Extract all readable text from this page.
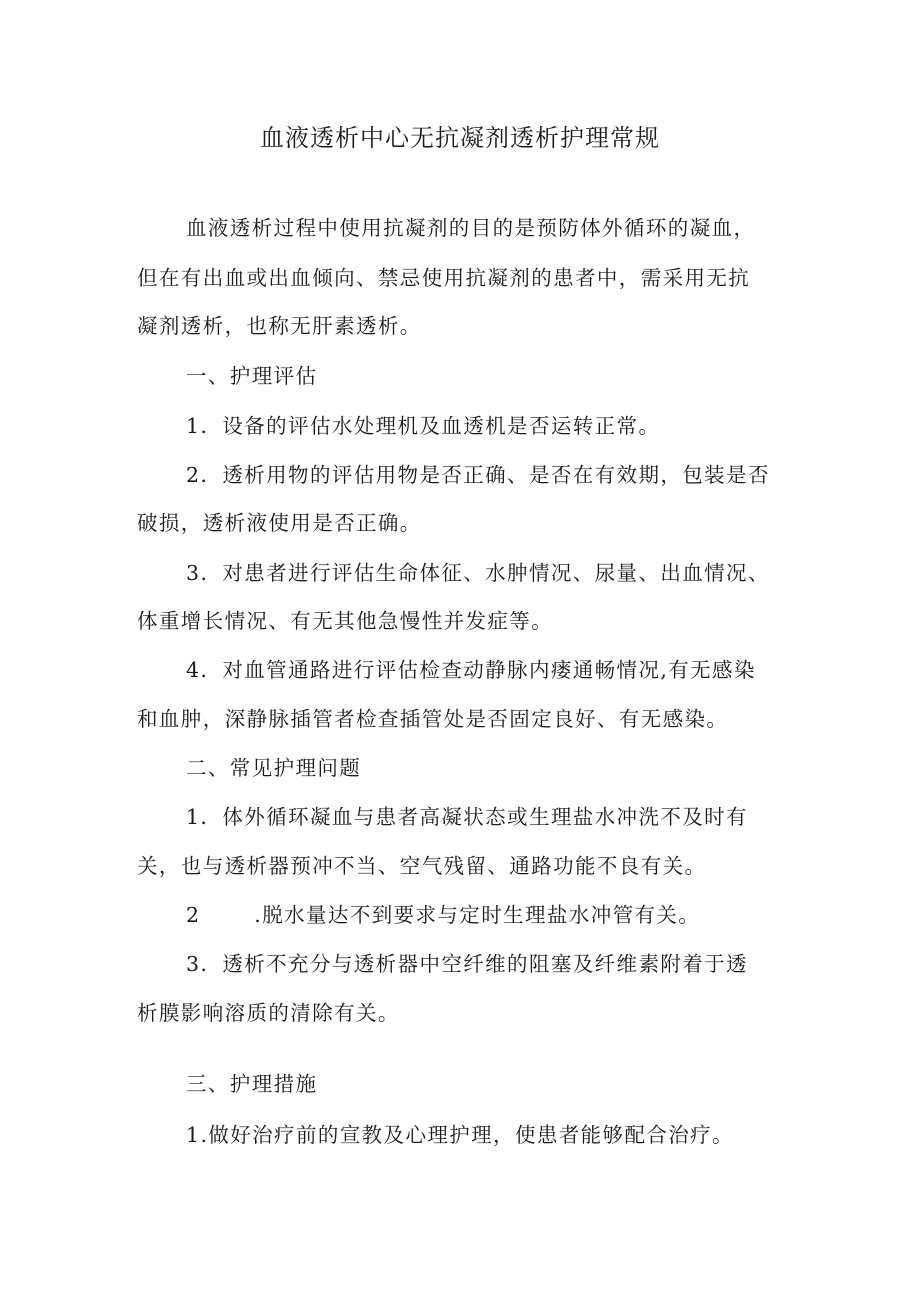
血液透析中心无抗凝剂透析护理常规
血液透析过程中使用抗凝剂的目的是预防体外循环的凝血，
但在有出血或出血倾向、禁忌使用抗凝剂的患者中，需采用无抗
凝剂透析，也称无肝素透析。
一、护理评估
1．设备的评估水处理机及血透机是否运转正常。
2．透析用物的评估用物是否正确、是否在有效期，包装是否
破损，透析液使用是否正确。
3．对患者进行评估生命体征、水肿情况、尿量、出血情况、
体重增长情况、有无其他急慢性并发症等。
4．对血管通路进行评估检查动静脉内瘘通畅情况,有无感染
和血肿，深静脉插管者检查插管处是否固定良好、有无感染。
二、常见护理问题
1．体外循环凝血与患者高凝状态或生理盐水冲洗不及时有
关，也与透析器预冲不当、空气残留、通路功能不良有关。
2	.脱水量达不到要求与定时生理盐水冲管有关。
3．透析不充分与透析器中空纤维的阻塞及纤维素附着于透
析膜影响溶质的清除有关。
三、护理措施
1.做好治疗前的宣教及心理护理，使患者能够配合治疗。
